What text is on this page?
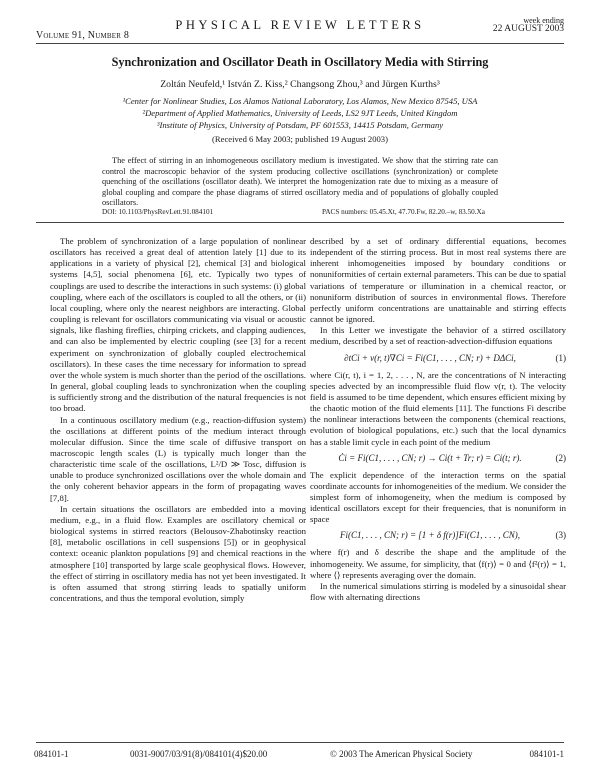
Volume 91, Number 8
PHYSICAL REVIEW LETTERS	week ending
22 AUGUST 2003
Synchronization and Oscillator Death in Oscillatory Media with Stirring
Zoltán Neufeld,¹ István Z. Kiss,² Changsong Zhou,³ and Jürgen Kurths³
¹Center for Nonlinear Studies, Los Alamos National Laboratory, Los Alamos, New Mexico 87545, USA
²Department of Applied Mathematics, University of Leeds, LS2 9JT Leeds, United Kingdom
³Institute of Physics, University of Potsdam, PF 601553, 14415 Potsdam, Germany
(Received 6 May 2003; published 19 August 2003)
The effect of stirring in an inhomogeneous oscillatory medium is investigated. We show that the stirring rate can control the macroscopic behavior of the system producing collective oscillations (synchronization) or complete quenching of the oscillations (oscillator death). We interpret the homogenization rate due to mixing as a measure of global coupling and compare the phase diagrams of stirred oscillatory media and of populations of globally coupled oscillators.
DOI: 10.1103/PhysRevLett.91.084101	PACS numbers: 05.45.Xt, 47.70.Fw, 82.20.–w, 83.50.Xa

The problem of synchronization of a large population of nonlinear oscillators has received a great deal of attention lately [1] due to its applications in a variety of physical [2], chemical [3] and biological systems [4,5], social phenomena [6], etc. Typically two types of couplings are used to describe the interactions in such systems: (i) global coupling, where each of the oscillators is coupled to all the others, or (ii) local coupling, where only the nearest neighbors are interacting. Global coupling is relevant for oscillators communicating via visual or acoustic signals, like flashing fireflies, chirping crickets, and clapping audiences, and can also be implemented by electric coupling (see [3] for a recent experiment on synchronization of globally coupled electrochemical oscillators). In these cases the time necessary for information to spread over the whole system is much shorter than the period of the oscillations. In general, global coupling leads to synchronization when the coupling is sufficiently strong and the distribution of the natural frequencies is not too broad.

In a continuous oscillatory medium (e.g., reaction-diffusion system) the oscillations at different points of the medium interact through molecular diffusion. Since the time scale of diffusive transport on macroscopic length scales (L) is typically much longer than the characteristic time scale of the oscillations, L²/D ≫ Tosc, diffusion is unable to produce synchronized oscillations over the whole domain and the only coherent behavior appears in the form of propagating waves [7,8].

In certain situations the oscillators are embedded into a moving medium, e.g., in a fluid flow. Examples are oscillatory chemical or biological systems in stirred reactors (Belousov-Zhabotinsky reaction [8], metabolic oscillations in cell suspensions [5]) or in geophysical context: oceanic plankton populations [9] and chemical reactions in the atmosphere [10] transported by large scale geophysical flows. However, the effect of stirring in oscillatory media has not yet been investigated. It is often assumed that strong stirring leads to spatially uniform concentrations, and thus the temporal evolution, simply

described by a set of ordinary differential equations, becomes independent of the stirring process. But in most real systems there are inherent inhomogeneities imposed by boundary conditions or nonuniformities of certain external parameters. This can be due to spatial variations of temperature or illumination in a chemical reactor, or nonuniform distribution of sources in environmental flows. Therefore perfectly uniform concentrations are unattainable and stirring effects cannot be ignored.

In this Letter we investigate the behavior of a stirred oscillatory medium, described by a set of reaction-advection-diffusion equations

∂tCi + v(r, t)∇Ci = Fi(C1, . . . , CN; r) + DΔCi,	(1)

where Ci(r, t), i = 1, 2, . . . , N, are the concentrations of N interacting species advected by an incompressible fluid flow v(r, t). The velocity field is assumed to be time dependent, which ensures efficient mixing by the chaotic motion of the fluid elements [11]. The functions Fi describe the nonlinear interactions between the components (chemical reactions, evolution of biological populations, etc.) such that the local dynamics has a stable limit cycle in each point of the medium

Ċi = Fi(C1, . . . , CN; r) → Ci(t + Tr; r) = Ci(t; r).	(2)

The explicit dependence of the interaction terms on the spatial coordinate accounts for inhomogeneities of the medium. We consider the simplest form of inhomogeneity, when the medium is composed by identical oscillators except for their frequencies, that is nonuniform in space

Fi(C1, . . . , CN; r) = [1 + δ f(r)]Fi(C1, . . . , CN),	(3)

where f(r) and δ describe the shape and the amplitude of the inhomogeneity. We assume, for simplicity, that ⟨f(r)⟩ = 0 and ⟨f²(r)⟩ = 1, where ⟨⟩ represents averaging over the domain.

In the numerical simulations stirring is modeled by a sinusoidal shear flow with alternating directions

084101-1	0031-9007/03/91(8)/084101(4)$20.00	© 2003 The American Physical Society	084101-1
